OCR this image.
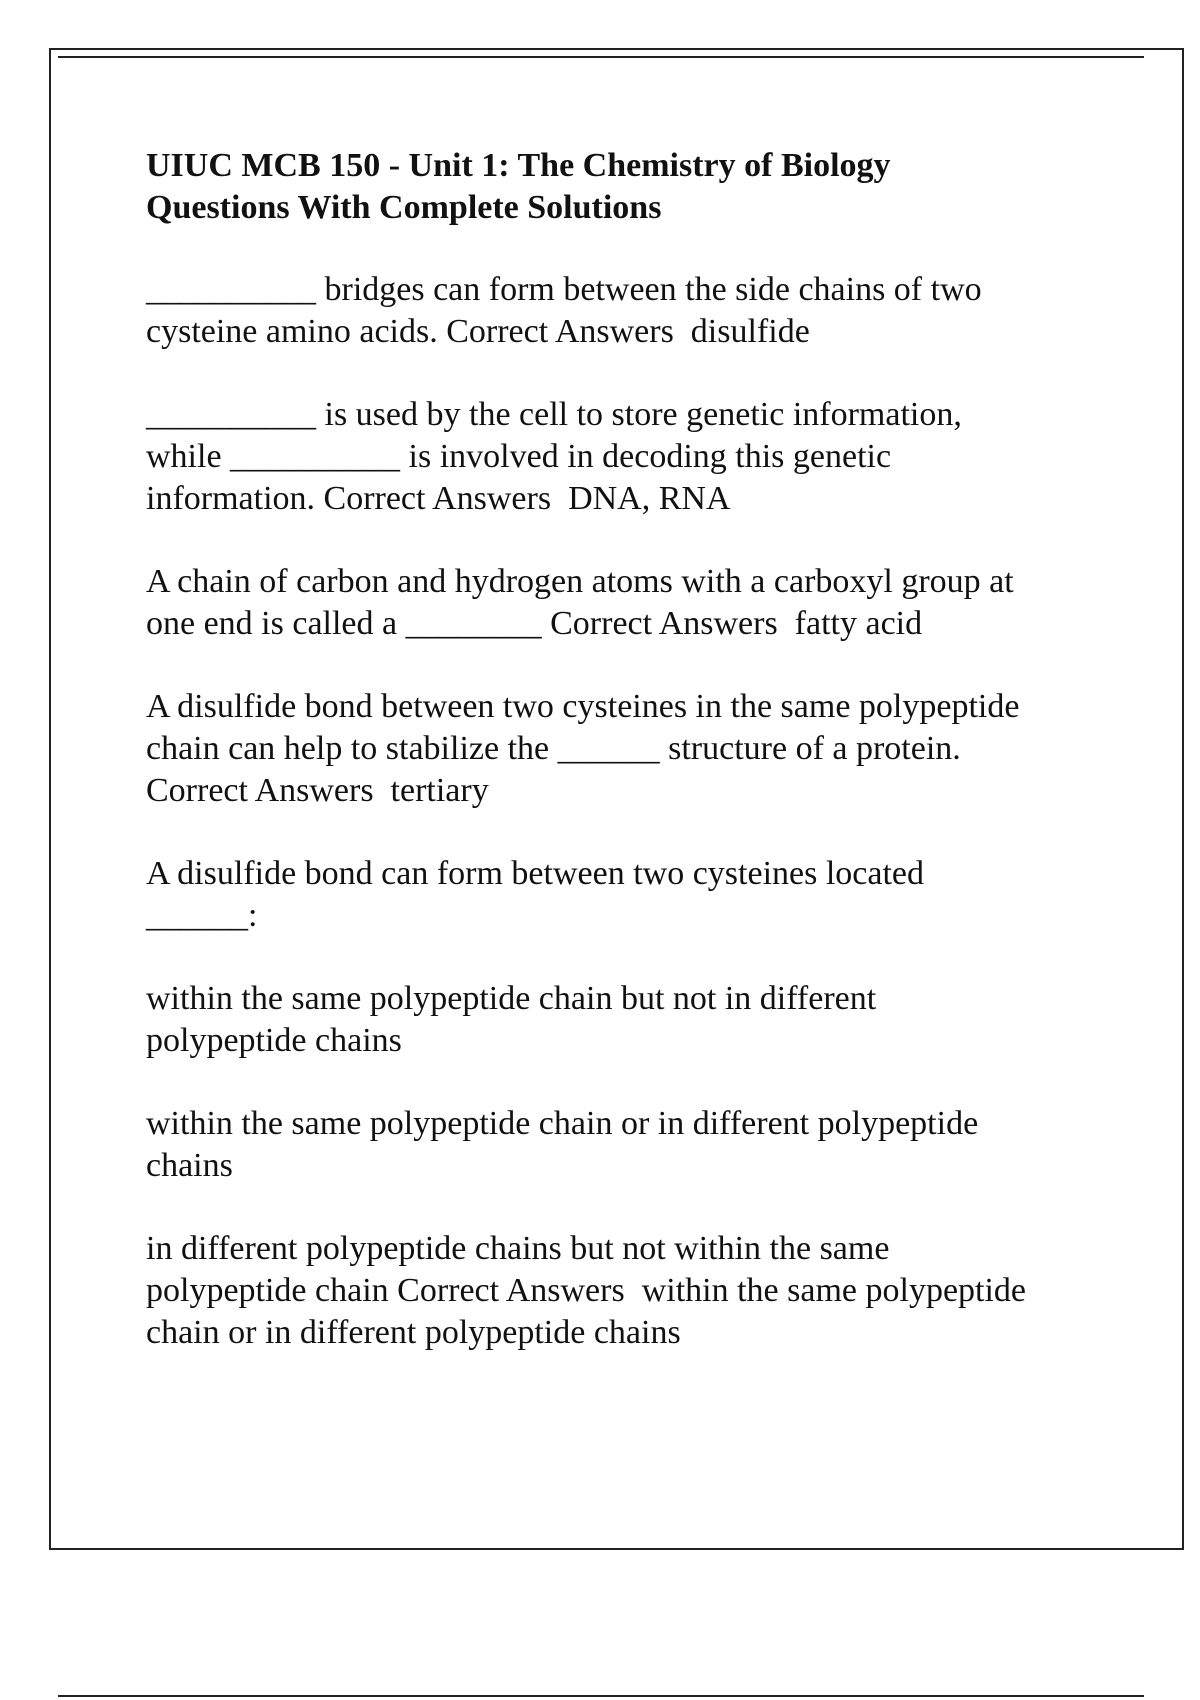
UIUC MCB 150 - Unit 1: The Chemistry of Biology
Questions With Complete Solutions

__________ bridges can form between the side chains of two
cysteine amino acids. Correct Answers  disulfide

__________ is used by the cell to store genetic information,
while __________ is involved in decoding this genetic
information. Correct Answers  DNA, RNA

A chain of carbon and hydrogen atoms with a carboxyl group at
one end is called a ________ Correct Answers  fatty acid

A disulfide bond between two cysteines in the same polypeptide
chain can help to stabilize the ______ structure of a protein.
Correct Answers  tertiary

A disulfide bond can form between two cysteines located
______:

within the same polypeptide chain but not in different
polypeptide chains

within the same polypeptide chain or in different polypeptide
chains

in different polypeptide chains but not within the same
polypeptide chain Correct Answers  within the same polypeptide
chain or in different polypeptide chains
